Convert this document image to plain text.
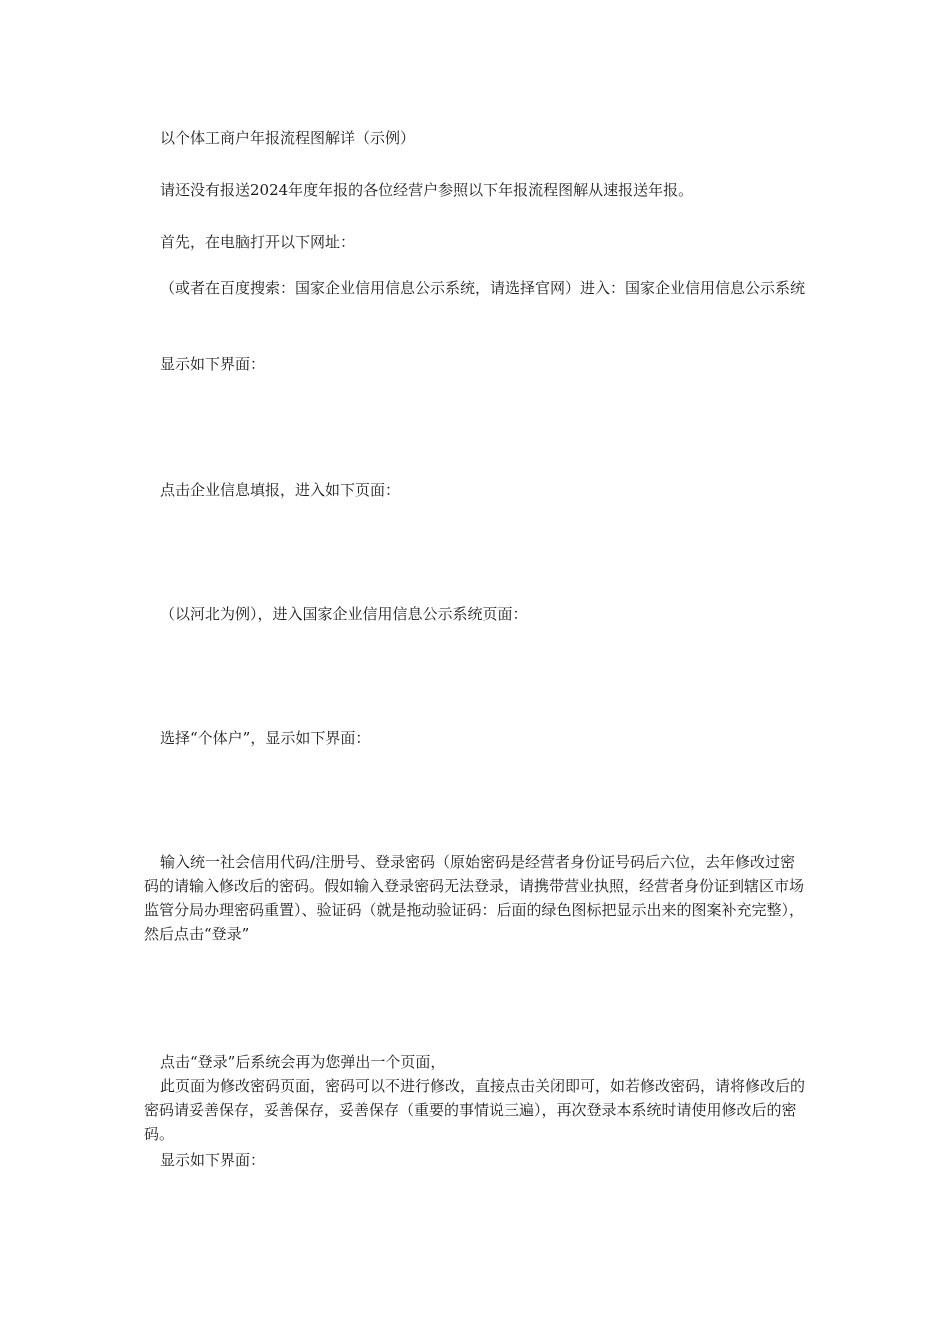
以个体工商户年报流程图解详（示例）

请还没有报送2024年度年报的各位经营户参照以下年报流程图解从速报送年报。

首先，在电脑打开以下网址：

（或者在百度搜索：国家企业信用信息公示系统，请选择官网）进入：国家企业信用信息公示系统

显示如下界面：

点击企业信息填报，进入如下页面：

（以河北为例），进入国家企业信用信息公示系统页面：

选择“个体户”，显示如下界面：

输入统一社会信用代码/注册号、登录密码（原始密码是经营者身份证号码后六位，去年修改过密码的请输入修改后的密码。假如输入登录密码无法登录，请携带营业执照，经营者身份证到辖区市场监管分局办理密码重置）、验证码（就是拖动验证码：后面的绿色图标把显示出来的图案补充完整），然后点击“登录”

点击“登录”后系统会再为您弹出一个页面，

此页面为修改密码页面，密码可以不进行修改，直接点击关闭即可，如若修改密码，请将修改后的密码请妥善保存，妥善保存，妥善保存（重要的事情说三遍），再次登录本系统时请使用修改后的密码。

显示如下界面：
